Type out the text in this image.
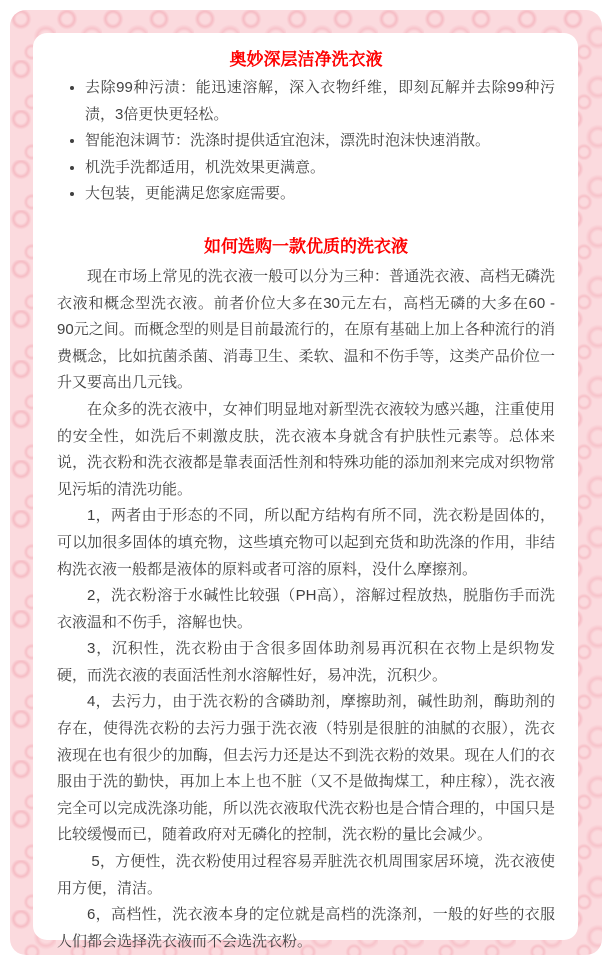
奥妙深层洁净洗衣液
• 去除99种污渍：能迅速溶解，深入衣物纤维，即刻瓦解并去除99种污渍，3倍更快更轻松。
• 智能泡沫调节：洗涤时提供适宜泡沫，漂洗时泡沫快速消散。
• 机洗手洗都适用，机洗效果更满意。
• 大包装，更能满足您家庭需要。
如何选购一款优质的洗衣液

现在市场上常见的洗衣液一般可以分为三种：普通洗衣液、高档无磷洗衣液和概念型洗衣液。前者价位大多在30元左右，高档无磷的大多在60 - 90元之间。而概念型的则是目前最流行的，在原有基础上加上各种流行的消费概念，比如抗菌杀菌、消毒卫生、柔软、温和不伤手等，这类产品价位一升又要高出几元钱。

在众多的洗衣液中，女神们明显地对新型洗衣液较为感兴趣，注重使用的安全性，如洗后不刺激皮肤，洗衣液本身就含有护肤性元素等。总体来说，洗衣粉和洗衣液都是靠表面活性剂和特殊功能的添加剂来完成对织物常见污垢的清洗功能。

1，两者由于形态的不同，所以配方结构有所不同，洗衣粉是固体的，可以加很多固体的填充物，这些填充物可以起到充货和助洗涤的作用，非结构洗衣液一般都是液体的原料或者可溶的原料，没什么摩擦剂。

2，洗衣粉溶于水碱性比较强（PH高），溶解过程放热，脱脂伤手而洗衣液温和不伤手，溶解也快。

3，沉积性，洗衣粉由于含很多固体助剂易再沉积在衣物上是织物发硬，而洗衣液的表面活性剂水溶解性好，易冲洗，沉积少。

4，去污力，由于洗衣粉的含磷助剂，摩擦助剂，碱性助剂，酶助剂的存在，使得洗衣粉的去污力强于洗衣液（特别是很脏的油腻的衣服），洗衣液现在也有很少的加酶，但去污力还是达不到洗衣粉的效果。现在人们的衣服由于洗的勤快，再加上本上也不脏（又不是做掏煤工，种庄稼），洗衣液完全可以完成洗涤功能，所以洗衣液取代洗衣粉也是合情合理的，中国只是比较缓慢而已，随着政府对无磷化的控制，洗衣粉的量比会减少。

5，方便性，洗衣粉使用过程容易弄脏洗衣机周围家居环境，洗衣液使用方便，清洁。

6，高档性，洗衣液本身的定位就是高档的洗涤剂，一般的好些的衣服人们都会选择洗衣液而不会选洗衣粉。
